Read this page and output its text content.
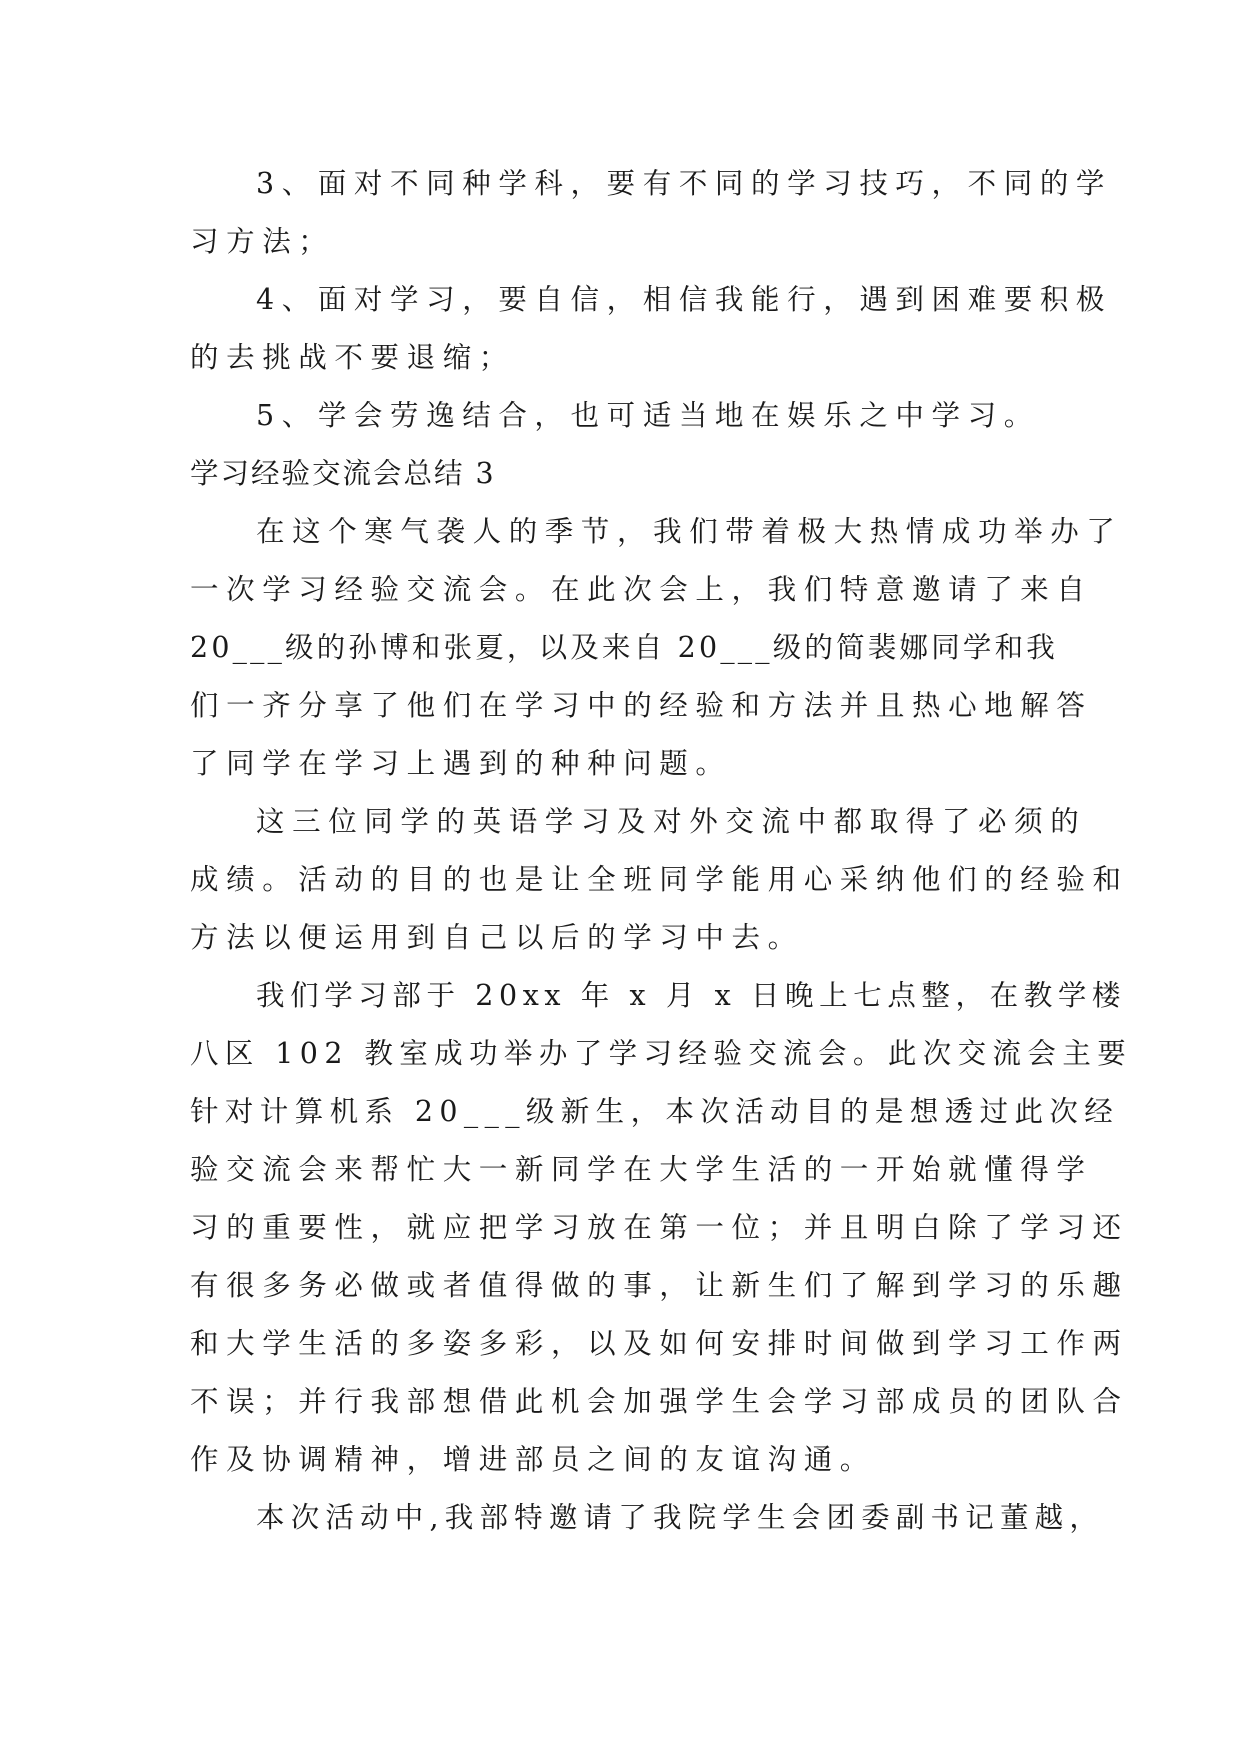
3、面对不同种学科，要有不同的学习技巧，不同的学
习方法；
4、面对学习，要自信，相信我能行，遇到困难要积极
的去挑战不要退缩；
5、学会劳逸结合，也可适当地在娱乐之中学习。
学习经验交流会总结 3
在这个寒气袭人的季节，我们带着极大热情成功举办了
一次学习经验交流会。在此次会上，我们特意邀请了来自
20___级的孙博和张夏，以及来自 20___级的简裴娜同学和我
们一齐分享了他们在学习中的经验和方法并且热心地解答
了同学在学习上遇到的种种问题。
这三位同学的英语学习及对外交流中都取得了必须的
成绩。活动的目的也是让全班同学能用心采纳他们的经验和
方法以便运用到自己以后的学习中去。
我们学习部于 20xx 年 x 月 x 日晚上七点整，在教学楼
八区 102 教室成功举办了学习经验交流会。此次交流会主要
针对计算机系 20___级新生，本次活动目的是想透过此次经
验交流会来帮忙大一新同学在大学生活的一开始就懂得学
习的重要性，就应把学习放在第一位；并且明白除了学习还
有很多务必做或者值得做的事，让新生们了解到学习的乐趣
和大学生活的多姿多彩，以及如何安排时间做到学习工作两
不误；并行我部想借此机会加强学生会学习部成员的团队合
作及协调精神，增进部员之间的友谊沟通。
本次活动中,我部特邀请了我院学生会团委副书记董越，
